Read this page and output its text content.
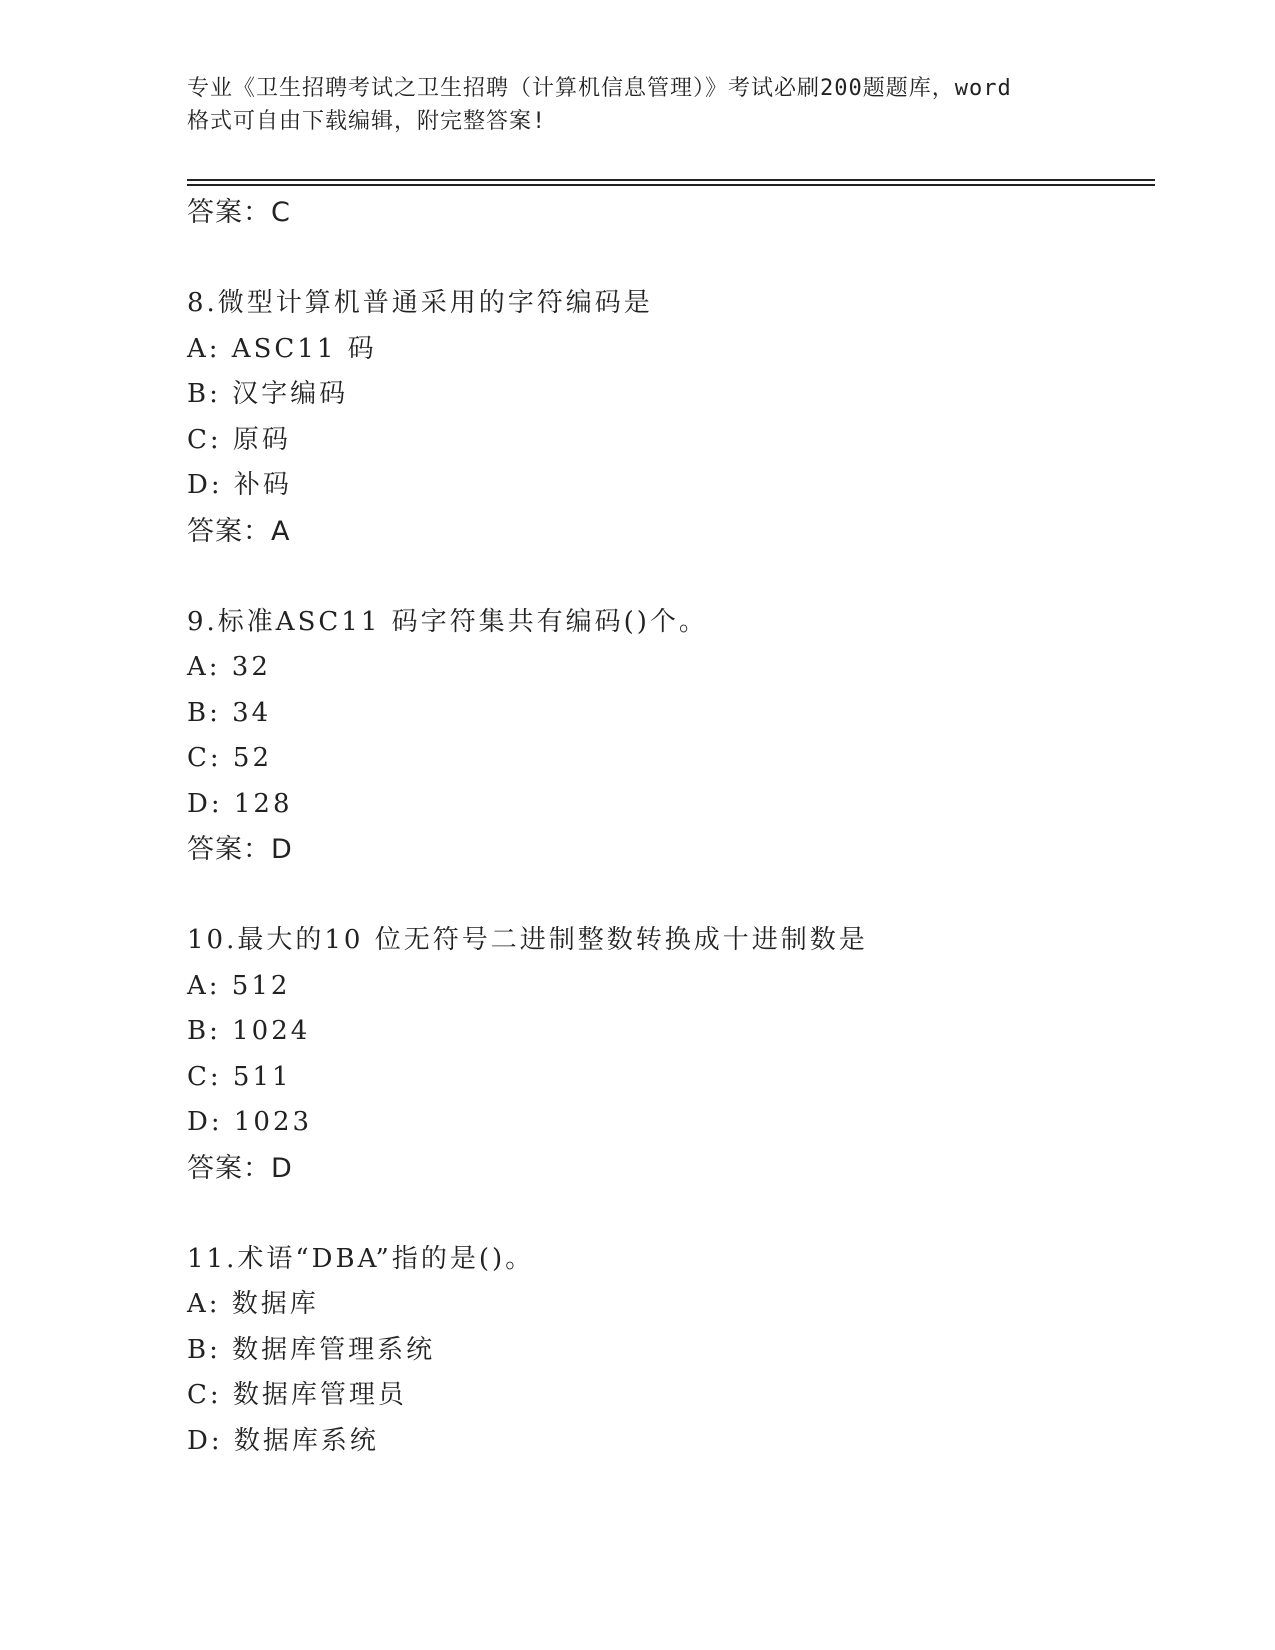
专业《卫生招聘考试之卫生招聘（计算机信息管理）》考试必刷200题题库，word
格式可自由下载编辑，附完整答案!
答案：C
8.微型计算机普通采用的字符编码是
A: ASC11 码
B: 汉字编码
C: 原码
D: 补码
答案：A
9.标准ASC11 码字符集共有编码()个。
A: 32
B: 34
C: 52
D: 128
答案：D
10.最大的10 位无符号二进制整数转换成十进制数是
A: 512
B: 1024
C: 511
D: 1023
答案：D
11.术语“DBA”指的是()。
A: 数据库
B: 数据库管理系统
C: 数据库管理员
D: 数据库系统
